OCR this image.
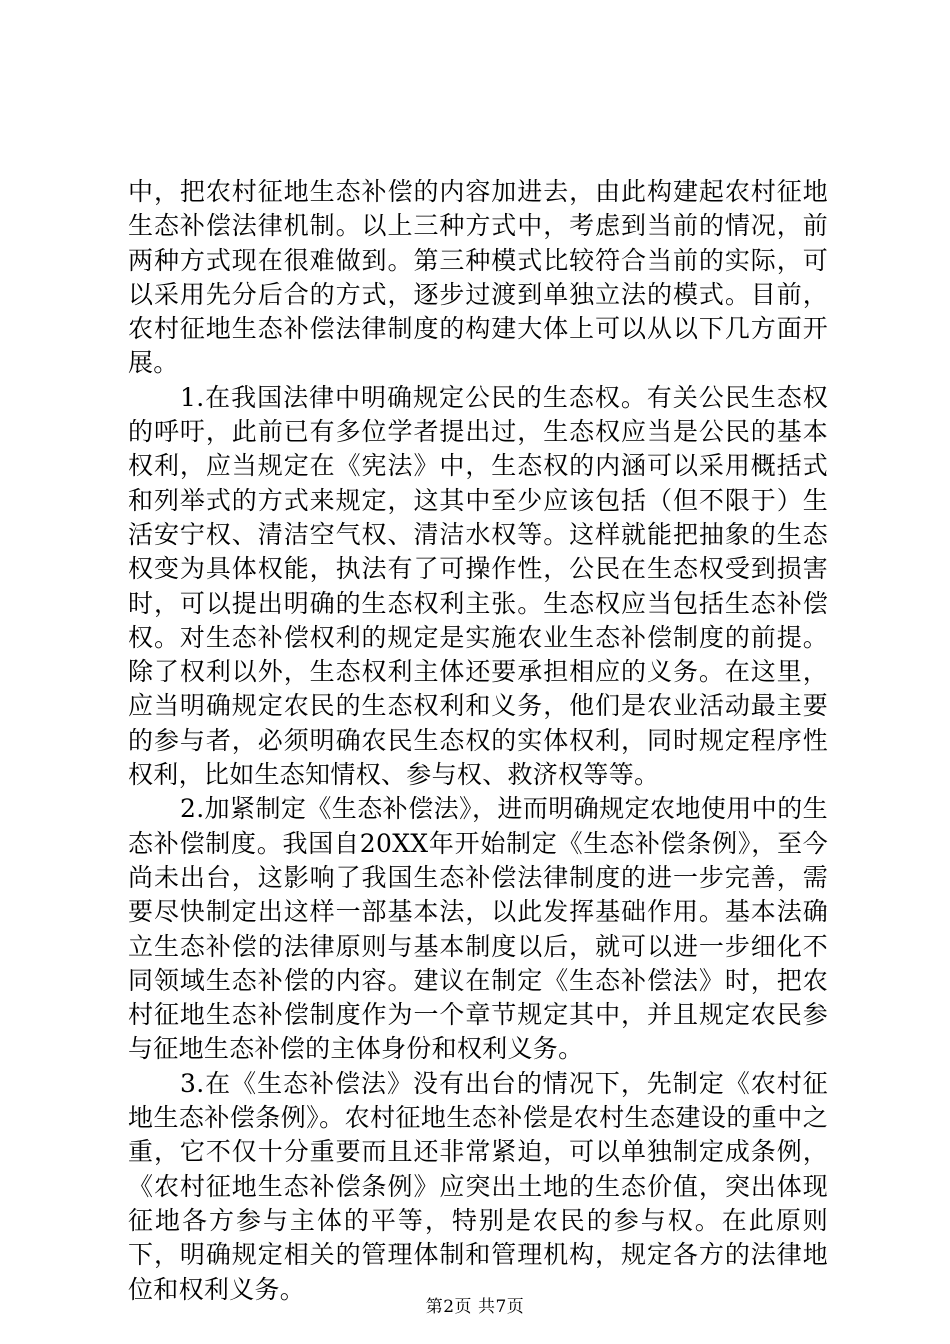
中，把农村征地生态补偿的内容加进去，由此构建起农村征地生态补偿法律机制。以上三种方式中，考虑到当前的情况，前两种方式现在很难做到。第三种模式比较符合当前的实际，可以采用先分后合的方式，逐步过渡到单独立法的模式。目前，农村征地生态补偿法律制度的构建大体上可以从以下几方面开展。

1.在我国法律中明确规定公民的生态权。有关公民生态权的呼吁，此前已有多位学者提出过，生态权应当是公民的基本权利，应当规定在《宪法》中，生态权的内涵可以采用概括式和列举式的方式来规定，这其中至少应该包括（但不限于）生活安宁权、清洁空气权、清洁水权等。这样就能把抽象的生态权变为具体权能，执法有了可操作性，公民在生态权受到损害时，可以提出明确的生态权利主张。生态权应当包括生态补偿权。对生态补偿权利的规定是实施农业生态补偿制度的前提。除了权利以外，生态权利主体还要承担相应的义务。在这里，应当明确规定农民的生态权利和义务，他们是农业活动最主要的参与者，必须明确农民生态权的实体权利，同时规定程序性权利，比如生态知情权、参与权、救济权等等。

2.加紧制定《生态补偿法》，进而明确规定农地使用中的生态补偿制度。我国自20XX年开始制定《生态补偿条例》，至今尚未出台，这影响了我国生态补偿法律制度的进一步完善，需要尽快制定出这样一部基本法，以此发挥基础作用。基本法确立生态补偿的法律原则与基本制度以后，就可以进一步细化不同领域生态补偿的内容。建议在制定《生态补偿法》时，把农村征地生态补偿制度作为一个章节规定其中，并且规定农民参与征地生态补偿的主体身份和权利义务。

3.在《生态补偿法》没有出台的情况下，先制定《农村征地生态补偿条例》。农村征地生态补偿是农村生态建设的重中之重，它不仅十分重要而且还非常紧迫，可以单独制定成条例，《农村征地生态补偿条例》应突出土地的生态价值，突出体现征地各方参与主体的平等，特别是农民的参与权。在此原则下，明确规定相关的管理体制和管理机构，规定各方的法律地位和权利义务。

第2页 共7页
